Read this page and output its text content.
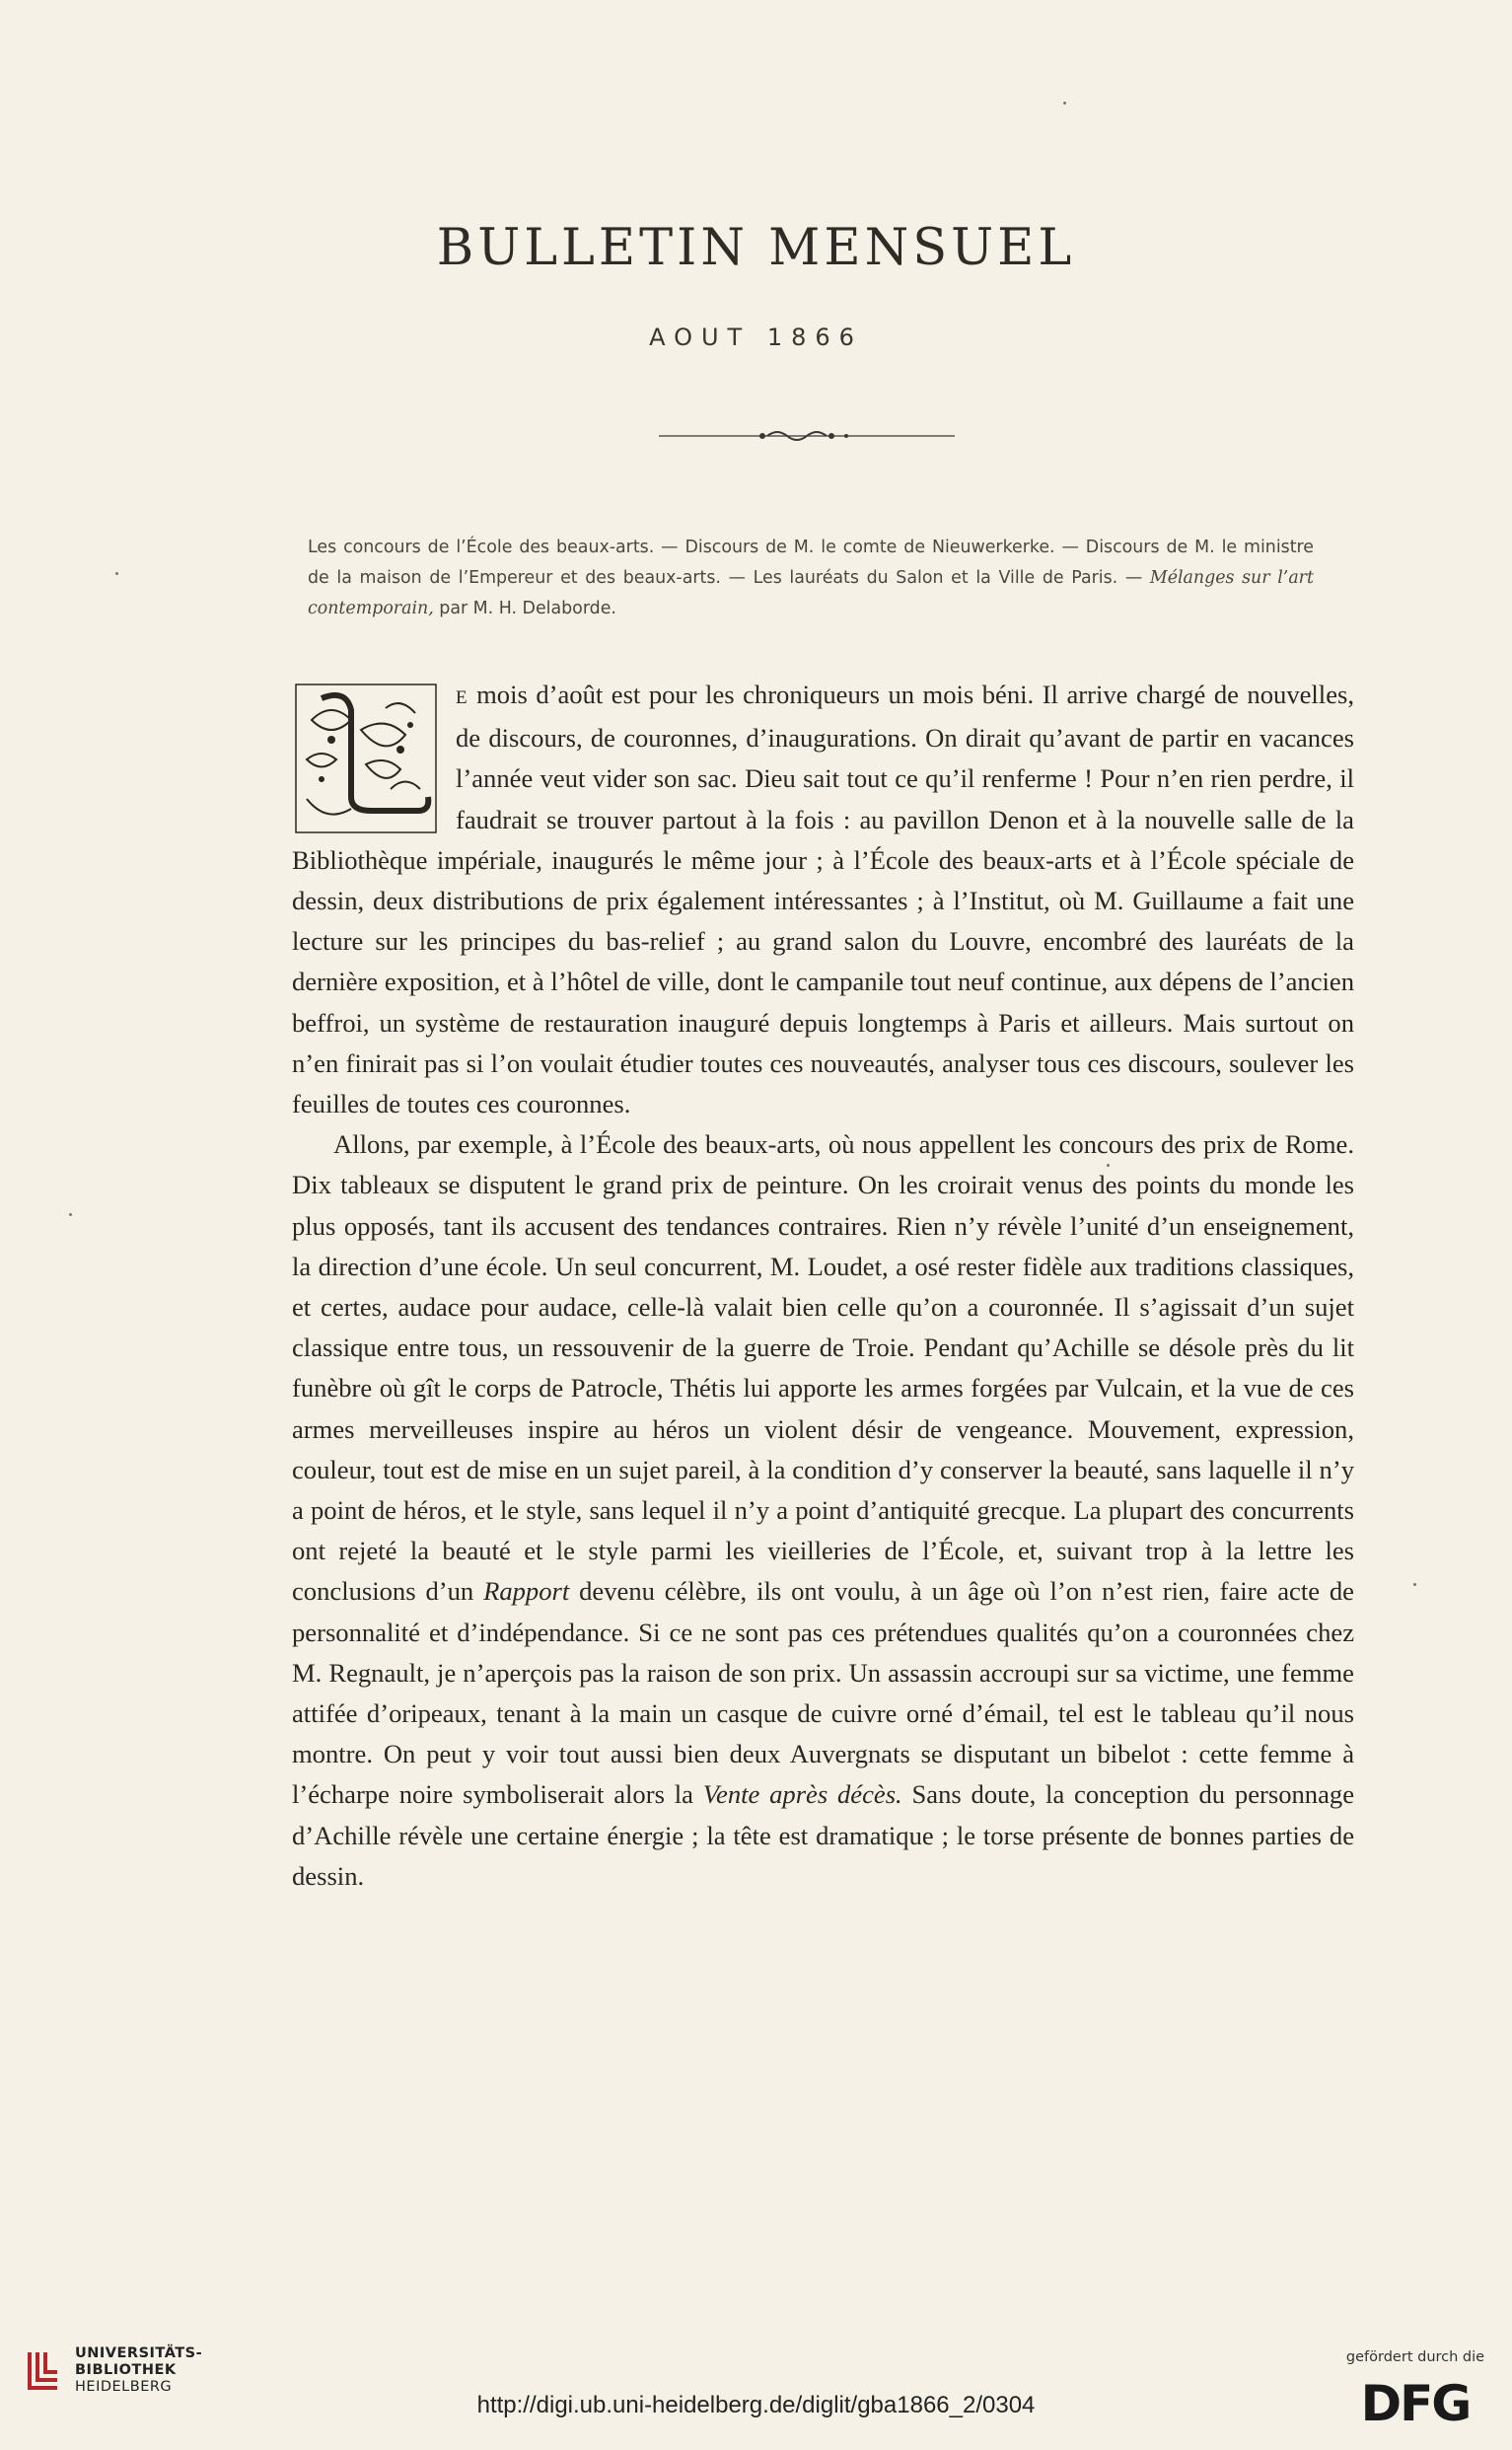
BULLETIN MENSUEL
AOUT 1866
Les concours de l’École des beaux-arts. — Discours de M. le comte de Nieuwerkerke. — Discours de M. le ministre de la maison de l’Empereur et des beaux-arts. — Les lauréats du Salon et la Ville de Paris. — Mélanges sur l’art contemporain, par M. H. Delaborde.

E mois d’août est pour les chroniqueurs un mois béni. Il arrive chargé de nouvelles, de discours, de couronnes, d’inaugurations. On dirait qu’avant de partir en vacances l’année veut vider son sac. Dieu sait tout ce qu’il renferme ! Pour n’en rien perdre, il faudrait se trouver partout à la fois : au pavillon Denon et à la nouvelle salle de la Bibliothèque impériale, inaugurés le même jour ; à l’École des beaux-arts et à l’École spéciale de dessin, deux distributions de prix également intéressantes ; à l’Institut, où M. Guillaume a fait une lecture sur les principes du bas-relief ; au grand salon du Louvre, encombré des lauréats de la dernière exposition, et à l’hôtel de ville, dont le campanile tout neuf continue, aux dépens de l’ancien beffroi, un système de restauration inauguré depuis longtemps à Paris et ailleurs. Mais surtout on n’en finirait pas si l’on voulait étudier toutes ces nouveautés, analyser tous ces discours, soulever les feuilles de toutes ces couronnes.

Allons, par exemple, à l’École des beaux-arts, où nous appellent les concours des prix de Rome. Dix tableaux se disputent le grand prix de peinture. On les croirait venus des points du monde les plus opposés, tant ils accusent des tendances contraires. Rien n’y révèle l’unité d’un enseignement, la direction d’une école. Un seul concurrent, M. Loudet, a osé rester fidèle aux traditions classiques, et certes, audace pour audace, celle-là valait bien celle qu’on a couronnée. Il s’agissait d’un sujet classique entre tous, un ressouvenir de la guerre de Troie. Pendant qu’Achille se désole près du lit funèbre où gît le corps de Patrocle, Thétis lui apporte les armes forgées par Vulcain, et la vue de ces armes merveilleuses inspire au héros un violent désir de vengeance. Mouvement, expression, couleur, tout est de mise en un sujet pareil, à la condition d’y conserver la beauté, sans laquelle il n’y a point de héros, et le style, sans lequel il n’y a point d’antiquité grecque. La plupart des concurrents ont rejeté la beauté et le style parmi les vieilleries de l’École, et, suivant trop à la lettre les conclusions d’un Rapport devenu célèbre, ils ont voulu, à un âge où l’on n’est rien, faire acte de personnalité et d’indépendance. Si ce ne sont pas ces prétendues qualités qu’on a couronnées chez M. Regnault, je n’aperçois pas la raison de son prix. Un assassin accroupi sur sa victime, une femme attifée d’oripeaux, tenant à la main un casque de cuivre orné d’émail, tel est le tableau qu’il nous montre. On peut y voir tout aussi bien deux Auvergnats se disputant un bibelot : cette femme à l’écharpe noire symboliserait alors la Vente après décès. Sans doute, la conception du personnage d’Achille révèle une certaine énergie ; la tête est dramatique ; le torse présente de bonnes parties de dessin.

UNIVERSITÄTS-
BIBLIOTHEK
HEIDELBERG
http://digi.ub.uni-heidelberg.de/diglit/gba1866_2/0304
gefördert durch die
DFG
